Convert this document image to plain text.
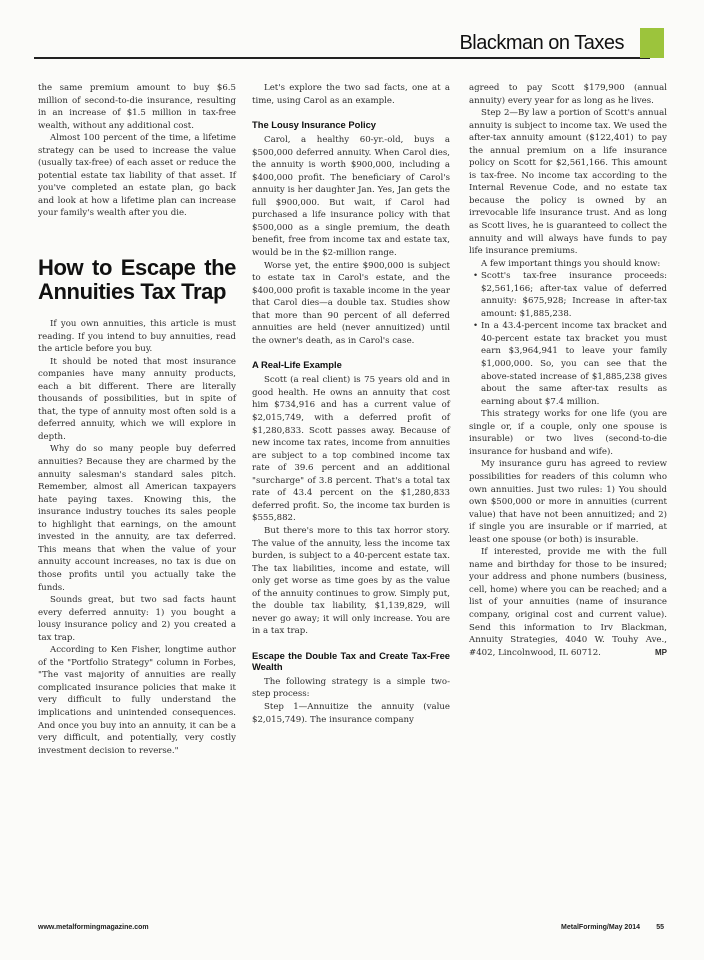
Blackman on Taxes

the same premium amount to buy $6.5 million of second-to-die insurance, resulting in an increase of $1.5 million in tax-free wealth, without any additional cost.

Almost 100 percent of the time, a lifetime strategy can be used to increase the value (usually tax-free) of each asset or reduce the potential estate tax liability of that asset. If you've completed an estate plan, go back and look at how a lifetime plan can increase your family's wealth after you die.

How to Escape the Annuities Tax Trap

If you own annuities, this article is must reading. If you intend to buy annuities, read the article before you buy.

It should be noted that most insurance companies have many annuity products, each a bit different. There are literally thousands of possibilities, but in spite of that, the type of annuity most often sold is a deferred annuity, which we will explore in depth.

Why do so many people buy deferred annuities? Because they are charmed by the annuity salesman's standard sales pitch. Remember, almost all American taxpayers hate paying taxes. Knowing this, the insurance industry touches its sales people to highlight that earnings, on the amount invested in the annuity, are tax deferred. This means that when the value of your annuity account increases, no tax is due on those profits until you actually take the funds.

Sounds great, but two sad facts haunt every deferred annuity: 1) you bought a lousy insurance policy and 2) you created a tax trap.

According to Ken Fisher, longtime author of the "Portfolio Strategy" column in Forbes, "The vast majority of annuities are really complicated insurance policies that make it very difficult to fully understand the implications and unintended consequences. And once you buy into an annuity, it can be a very difficult, and potentially, very costly investment decision to reverse."

Let's explore the two sad facts, one at a time, using Carol as an example.

The Lousy Insurance Policy

Carol, a healthy 60-yr.-old, buys a $500,000 deferred annuity. When Carol dies, the annuity is worth $900,000, including a $400,000 profit. The beneficiary of Carol's annuity is her daughter Jan. Yes, Jan gets the full $900,000. But wait, if Carol had purchased a life insurance policy with that $500,000 as a single premium, the death benefit, free from income tax and estate tax, would be in the $2-million range.

Worse yet, the entire $900,000 is subject to estate tax in Carol's estate, and the $400,000 profit is taxable income in the year that Carol dies—a double tax. Studies show that more than 90 percent of all deferred annuities are held (never annuitized) until the owner's death, as in Carol's case.

A Real-Life Example

Scott (a real client) is 75 years old and in good health. He owns an annuity that cost him $734,916 and has a current value of $2,015,749, with a deferred profit of $1,280,833. Scott passes away. Because of new income tax rates, income from annuities are subject to a top combined income tax rate of 39.6 percent and an additional "surcharge" of 3.8 percent. That's a total tax rate of 43.4 percent on the $1,280,833 deferred profit. So, the income tax burden is $555,882.

But there's more to this tax horror story. The value of the annuity, less the income tax burden, is subject to a 40-percent estate tax. The tax liabilities, income and estate, will only get worse as time goes by as the value of the annuity continues to grow. Simply put, the double tax liability, $1,139,829, will never go away; it will only increase. You are in a tax trap.

Escape the Double Tax and Create Tax-Free Wealth

The following strategy is a simple two-step process:

Step 1—Annuitize the annuity (value $2,015,749). The insurance company

agreed to pay Scott $179,900 (annual annuity) every year for as long as he lives.

Step 2—By law a portion of Scott's annual annuity is subject to income tax. We used the after-tax annuity amount ($122,401) to pay the annual premium on a life insurance policy on Scott for $2,561,166. This amount is tax-free. No income tax according to the Internal Revenue Code, and no estate tax because the policy is owned by an irrevocable life insurance trust. And as long as Scott lives, he is guaranteed to collect the annuity and will always have funds to pay life insurance premiums.

A few important things you should know:

• Scott's tax-free insurance proceeds: $2,561,166; after-tax value of deferred annuity: $675,928; Increase in after-tax amount: $1,885,238.

• In a 43.4-percent income tax bracket and 40-percent estate tax bracket you must earn $3,964,941 to leave your family $1,000,000. So, you can see that the above-stated increase of $1,885,238 gives about the same after-tax results as earning about $7.4 million.

This strategy works for one life (you are single or, if a couple, only one spouse is insurable) or two lives (second-to-die insurance for husband and wife).

My insurance guru has agreed to review possibilities for readers of this column who own annuities. Just two rules: 1) You should own $500,000 or more in annuities (current value) that have not been annuitized; and 2) if single you are insurable or if married, at least one spouse (or both) is insurable.

If interested, provide me with the full name and birthday for those to be insured; your address and phone numbers (business, cell, home) where you can be reached; and a list of your annuities (name of insurance company, original cost and current value). Send this information to Irv Blackman, Annuity Strategies, 4040 W. Touhy Ave., #402, Lincolnwood, IL 60712.	MP

www.metalformingmagazine.com	MetalForming/May 2014 55
